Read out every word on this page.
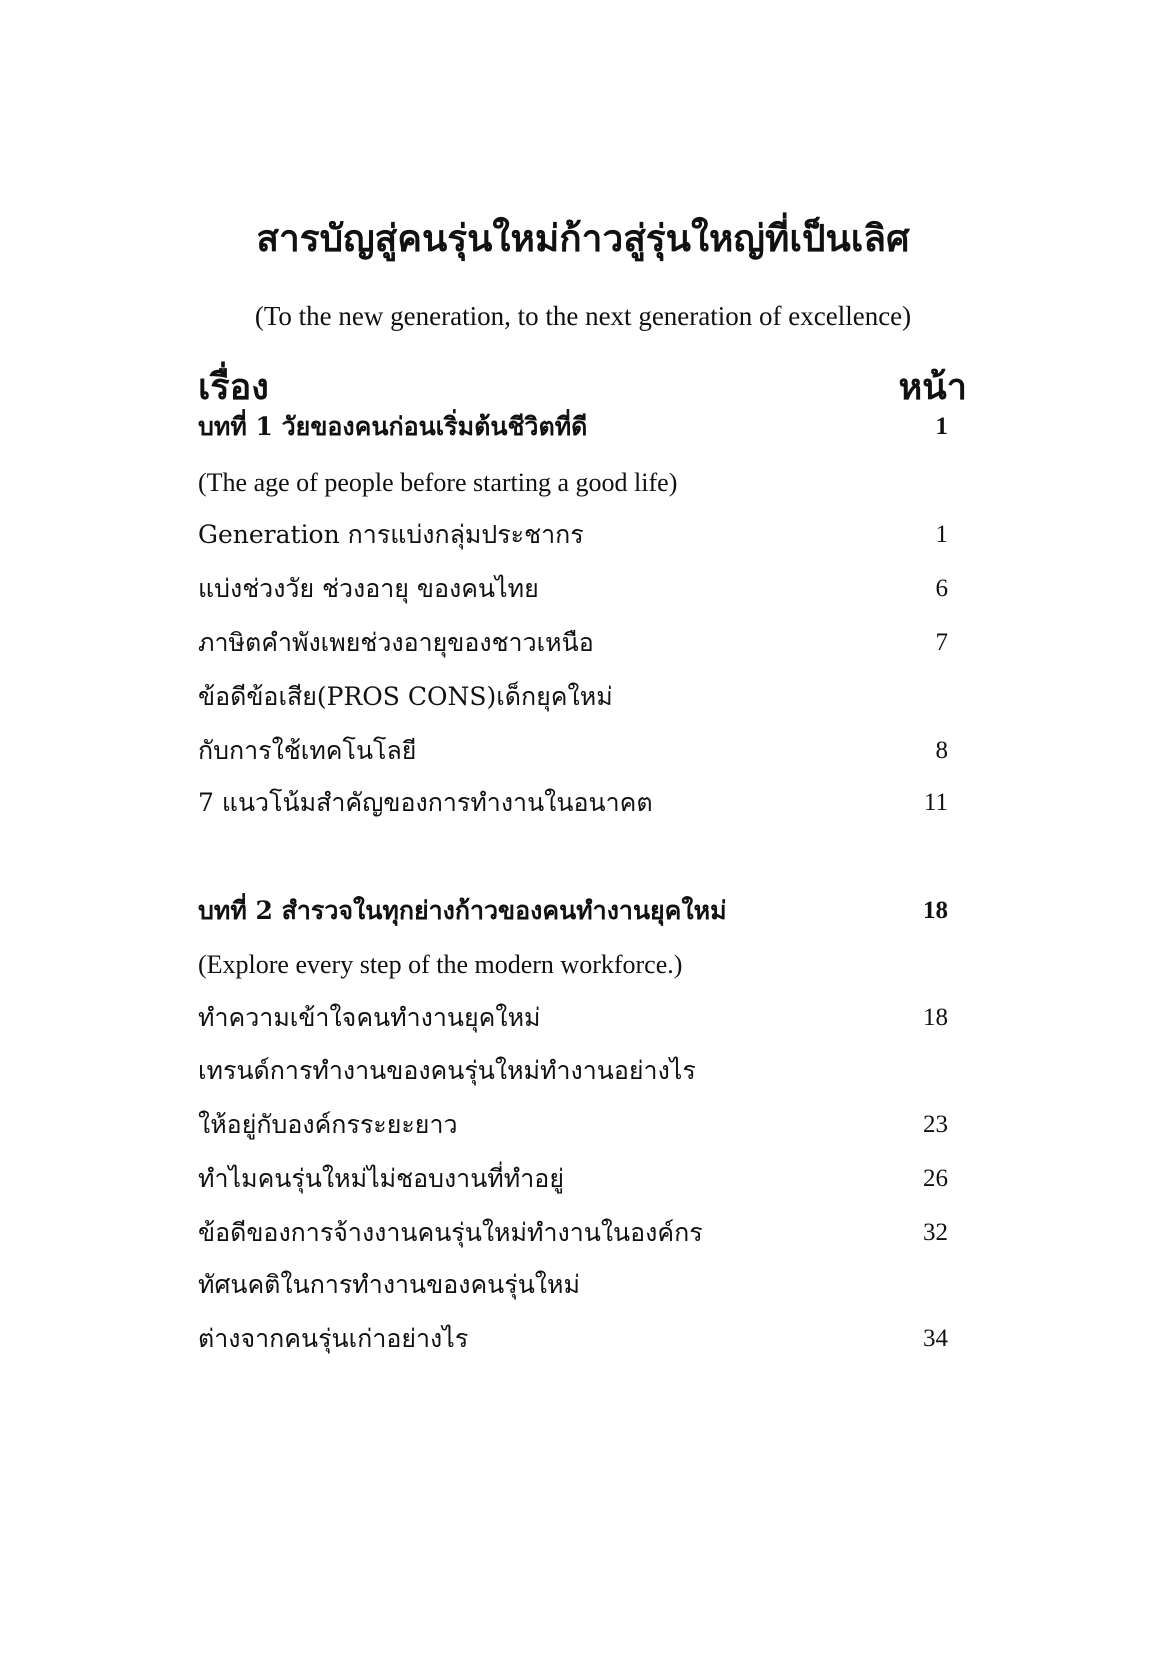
สารบัญสู่คนรุ่นใหม่ก้าวสู่รุ่นใหญ่ที่เป็นเลิศ
(To the new generation, to the next generation of excellence)
เรื่อง	หน้า
บทที่ 1 วัยของคนก่อนเริ่มต้นชีวิตที่ดี	1
(The age of people before starting a good life)
Generation การแบ่งกลุ่มประชากร	1
แบ่งช่วงวัย ช่วงอายุ ของคนไทย	6
ภาษิตคำพังเพยช่วงอายุของชาวเหนือ	7
ข้อดีข้อเสีย(PROS CONS)เด็กยุคใหม่
กับการใช้เทคโนโลยี	8
7 แนวโน้มสำคัญของการทำงานในอนาคต	11
บทที่ 2 สำรวจในทุกย่างก้าวของคนทำงานยุคใหม่	18
(Explore every step of the modern workforce.)
ทำความเข้าใจคนทำงานยุคใหม่	18
เทรนด์การทำงานของคนรุ่นใหม่ทำงานอย่างไร
ให้อยู่กับองค์กรระยะยาว	23
ทำไมคนรุ่นใหม่ไม่ชอบงานที่ทำอยู่	26
ข้อดีของการจ้างงานคนรุ่นใหม่ทำงานในองค์กร	32
ทัศนคติในการทำงานของคนรุ่นใหม่
ต่างจากคนรุ่นเก่าอย่างไร	34
